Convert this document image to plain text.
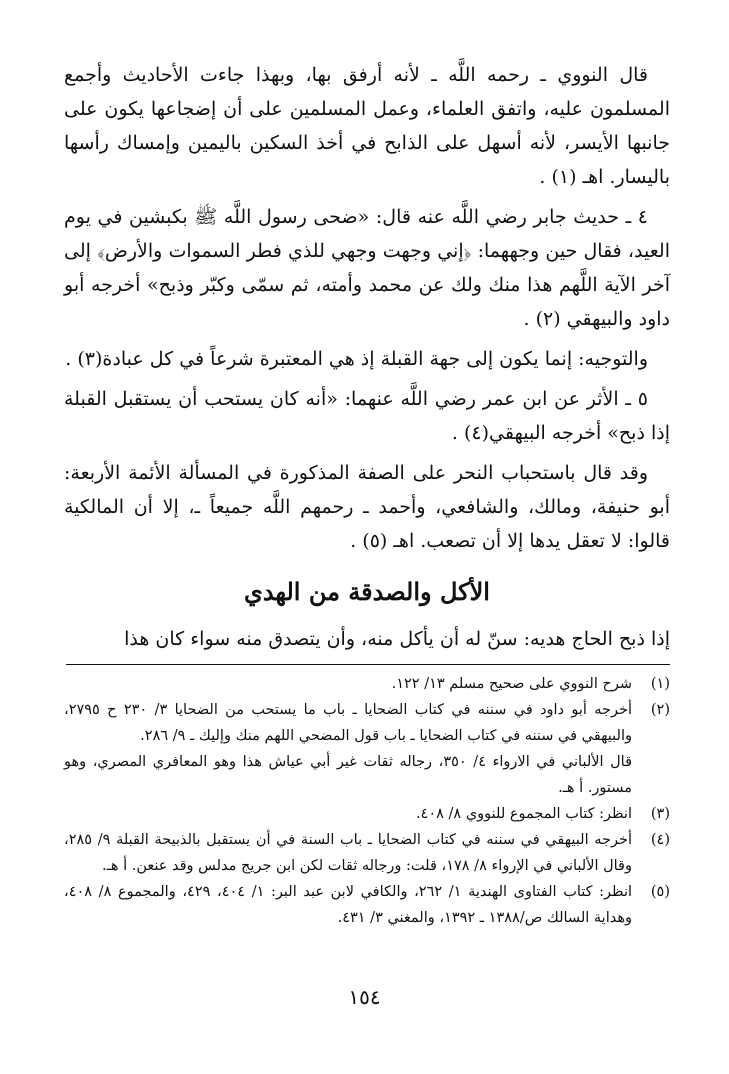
قال النووي ـ رحمه اللَّه ـ لأنه أرفق بها، وبهذا جاءت الأحاديث وأجمع المسلمون عليه، واتفق العلماء، وعمل المسلمين على أن إضجاعها يكون على جانبها الأيسر، لأنه أسهل على الذابح في أخذ السكين باليمين وإمساك رأسها باليسار. اهـ (١) .

٤ ـ حديث جابر رضي اللَّه عنه قال: «ضحى رسول اللَّه ﷺ بكبشين في يوم العيد، فقال حين وجههما: ﴿إني وجهت وجهي للذي فطر السموات والأرض﴾ إلى آخر الآية اللَّهم هذا منك ولك عن محمد وأمته، ثم سمّى وكبّر وذبح» أخرجه أبو داود والبيهقي (٢) .

والتوجيه: إنما يكون إلى جهة القبلة إذ هي المعتبرة شرعاً في كل عبادة(٣) .

٥ ـ الأثر عن ابن عمر رضي اللَّه عنهما: «أنه كان يستحب أن يستقبل القبلة إذا ذبح» أخرجه البيهقي(٤) .

وقد قال باستحباب النحر على الصفة المذكورة في المسألة الأئمة الأربعة: أبو حنيفة، ومالك، والشافعي، وأحمد ـ رحمهم اللَّه جميعاً ـ، إلا أن المالكية قالوا: لا تعقل يدها إلا أن تصعب. اهـ (٥) .

الأكل والصدقة من الهدي

إذا ذبح الحاج هديه: سنّ له أن يأكل منه، وأن يتصدق منه سواء كان هذا

(١)
شرح النووي على صحيح مسلم ١٣/ ١٢٢.
(٢)
أخرجه أبو داود في سننه في كتاب الضحايا ـ باب ما يستحب من الضحايا ٣/ ٢٣٠ ح ٢٧٩٥، والبيهقي في سننه في كتاب الضحايا ـ باب قول المضحي اللهم منك وإليك ـ ٩/ ٢٨٦.

قال الألباني في الارواء ٤/ ٣٥٠، رجاله ثقات غير أبي عياش هذا وهو المعافري المصري، وهو مستور. أ هـ.

(٣)
انظر: كتاب المجموع للنووي ٨/ ٤٠٨.
(٤)
أخرجه البيهقي في سننه في كتاب الضحايا ـ باب السنة في أن يستقبل بالذبيحة القبلة ٩/ ٢٨٥، وقال الألباني في الإرواء ٨/ ١٧٨، قلت: ورجاله ثقات لكن ابن جريج مدلس وقد عنعن. أ هـ.
(٥)
انظر: كتاب الفتاوى الهندية ١/ ٢٦٢، والكافي لابن عبد البر: ١/ ٤٠٤، ٤٢٩، والمجموع ٨/ ٤٠٨، وهداية السالك ص/١٣٨٨ ـ ١٣٩٢، والمغني ٣/ ٤٣١.
١٥٤
